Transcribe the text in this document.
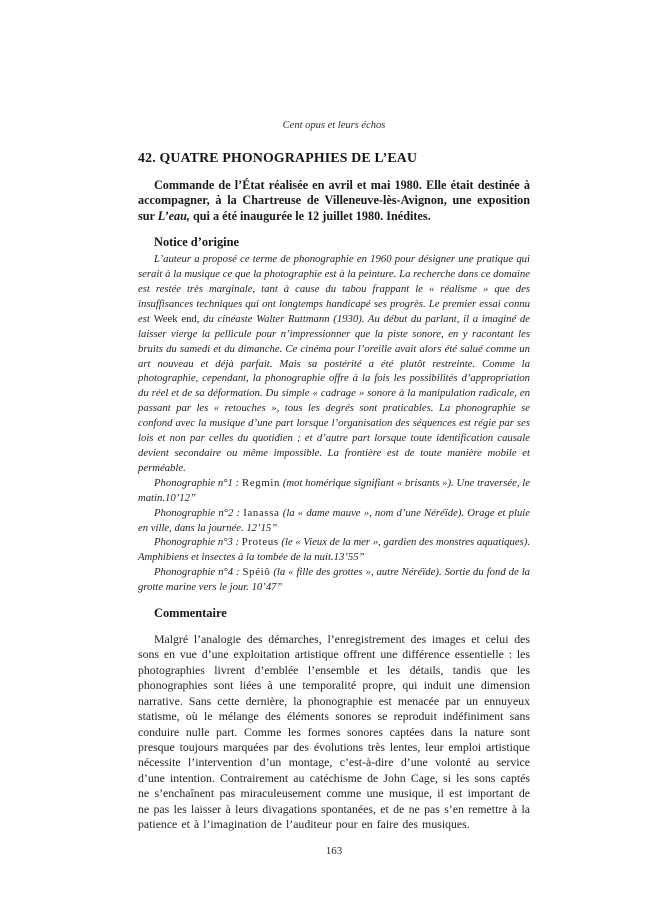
Cent opus et leurs échos
42. QUATRE PHONOGRAPHIES DE L’EAU

Commande de l’État réalisée en avril et mai 1980. Elle était destinée à accompagner, à la Chartreuse de Villeneuve-lès-Avignon, une exposition sur L’eau, qui a été inaugurée le 12 juillet 1980. Inédites.

Notice d’origine

L’auteur a proposé ce terme de phonographie en 1960 pour désigner une pratique qui serait à la musique ce que la photographie est à la peinture. La recherche dans ce domaine est restée très marginale, tant à cause du tabou frappant le « réalisme » que des insuffisances techniques qui ont longtemps handicapé ses progrès. Le premier essai connu est Week end, du cinéaste Walter Ruttmann (1930). Au début du parlant, il a imaginé de laisser vierge la pellicule pour n’impressionner que la piste sonore, en y racontant les bruits du samedi et du dimanche. Ce cinéma pour l’oreille avait alors été salué comme un art nouveau et déjà parfait. Mais sa postérité a été plutôt restreinte. Comme la photographie, cependant, la phonographie offre à la fois les possibilités d’appropriation du réel et de sa déformation. Du simple « cadrage » sonore à la manipulation radicale, en passant par les « retouches », tous les degrés sont praticables. La phonographie se confond avec la musique d’une part lorsque l’organisation des séquences est régie par ses lois et non par celles du quotidien ; et d’autre part lorsque toute identification causale devient secondaire ou même impossible. La frontière est de toute manière mobile et perméable.

Phonographie n°1 : Regmin (mot homérique signifiant « brisants »). Une traversée, le matin.10’12”

Phonographie n°2 : Ianassa (la « dame mauve », nom d’une Néréïde). Orage et pluie en ville, dans la journée. 12’15”

Phonographie n°3 : Proteus (le « Vieux de la mer », gardien des monstres aquatiques). Amphibiens et insectes à la tombée de la nuit.13’55”

Phonographie n°4 : Spéiô (la « fille des grottes », autre Néréïde). Sortie du fond de la grotte marine vers le jour. 10’47”

Commentaire

Malgré l’analogie des démarches, l’enregistrement des images et celui des sons en vue d’une exploitation artistique offrent une différence essentielle : les photographies livrent d’emblée l’ensemble et les détails, tandis que les phonographies sont liées à une temporalité propre, qui induit une dimension narrative. Sans cette dernière, la phonographie est menacée par un ennuyeux statisme, où le mélange des éléments sonores se reproduit indéfiniment sans conduire nulle part. Comme les formes sonores captées dans la nature sont presque toujours marquées par des évolutions très lentes, leur emploi artistique nécessite l’intervention d’un montage, c’est-à-dire d’une volonté au service d’une intention. Contrairement au catéchisme de John Cage, si les sons captés ne s’enchaînent pas miraculeusement comme une musique, il est important de ne pas les laisser à leurs divagations spontanées, et de ne pas s’en remettre à la patience et à l’imagination de l’auditeur pour en faire des musiques.

163
